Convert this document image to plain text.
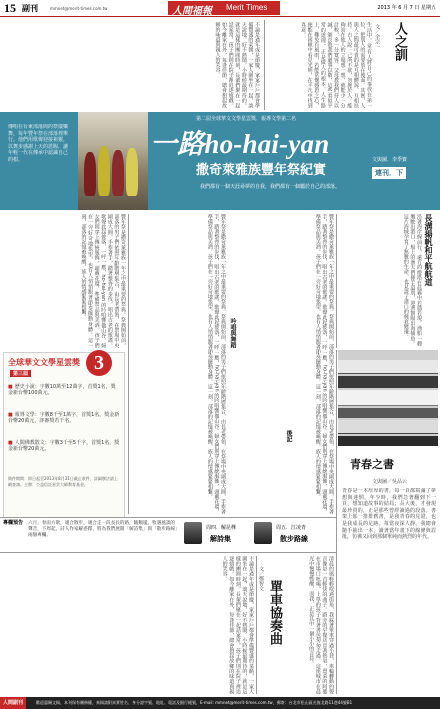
15 副刊	mmnet@merit-times.com.tw	人間福報 Merit Times	2013 年 6 月 7 日 星期五
人之訓
文／余宗一
生活中，常有人將自己的事放在第一位，把別人的需要放在後面。其實，人與人之間最可貴的是互相體諒、互相扶持。古人說：己所不欲，勿施於人。能夠站在他人的立場想一想，就能少一分計較，多一分寬容。父母教我們待人以誠，師長教我們處事以敬，這些看似平常的道理，正是做人的根本。人生路上，難免有風雨，若能常懷感恩之心，便能在困頓中看見光明，在平凡中找到真意。
不論是過年或是節慶，家家戶戶都會準備豐盛的菜餚，一家人圍坐在一起，談天說地，好不熱鬧。小時候最期待的，就是這樣的團圓時刻，長輩們聚在一起話家常，孩子們則在院子裡追逐嬉戲。如今離家在外，每逢佳節，總會想起故鄉的味道與親人的笑容。
傳唱在台東部落間的祭儀樂舞，每年豐年祭在部落裡舉行。他們用歌聲迎接祖靈，以舞步感謝上天的恩賜，讓年輕一代在傳承中認識自己的根。
第二屆全球華文文學星雲獎．報導文學第二名
一路ho-hai-yan
撒奇萊雅族豐年祭紀實
文與圖．李季寶
連刊．下
我們都有一個天涯尋夢的自我，我們都有一個屬於自己的部落。
豐年祭是撒奇萊雅族一年之中最重要的祭典。祭典開始前，部落的男子們依照年齡階層集合，由長老帶領，在祭場中央圍成大圓，手牽著手，踏著整齊的步伐，唱出古老的歌謠。歌聲此起彼落，一呼一應，ho-hai-yan 的吟唱響徹山谷。婦女們則穿上傳統服飾，頭戴花環，準備祭品與美酒。孩子們在一旁好奇地張望，也有人悄悄跟著節奏擺動身體。這一刻，部落的記憶被喚醒，族人的情感緊緊相繫。	吟唱與舞蹈	豐年祭是撒奇萊雅族一年之中最重要的祭典。祭典開始前，部落的男子們依照年齡階層集合，由長老帶領，在祭場中央圍成大圓，手牽著手，踏著整齊的步伐，唱出古老的歌謠。歌聲此起彼落，一呼一應，ho-hai-yan 的吟唱響徹山谷。婦女們則穿上傳統服飾，頭戴花環，準備祭品與美酒。孩子們在一旁好奇地張望，也有人悄悄跟著節奏擺動身體。這一刻，部落的記憶被喚醒，族人的情感緊緊相繫。
後記
豐年祭是撒奇萊雅族一年之中最重要的祭典。祭典開始前，部落的男子們依照年齡階層集合，由長老帶領，在祭場中央圍成大圓，手牽著手，踏著整齊的步伐，唱出古老的歌謠。歌聲此起彼落，一呼一應，ho-hai-yan 的吟唱響徹山谷。婦女們則穿上傳統服飾，頭戴花環，準備祭品與美酒。孩子們在一旁好奇地張望，也有人悄悄跟著節奏擺動身體。這一刻，部落的記憶被喚醒，族人的情感緊緊相繫。	長溝揚帆和平航航道
沿著海岸線前行，遠方的燈塔在晨霧中若隱若現。漁船一艘艘駛出港口，船上的漁夫們揮手道別，迎著朝陽出海捕魚。這片海域孕育了無數的生命，也見證了港口的興衰變遷。
全球華文文學星雲獎 3
第三屆
■ 歷史小說：字數10萬至12萬字，首獎1名，獎金新台幣100萬元。
■ 報導文學：字數8千至1萬字，首獎1名，獎金新台幣20萬元，評審獎若干名。
■ 人間佛教散文：字數3千至5千字，首獎1名，獎金新台幣20萬元。
徵件期間：即日起至2013年8月31日截止收件，詳細辦法請上網查詢。主辦：公益信託星雲大師教育基金。
青春之書
文與圖／吳品云
青春是一本厚厚的書，每一頁都寫滿了夢想與迷惘。年少時，我們急著翻到下一頁，想知道故事的結局；長大後，才發現最珍貴的，正是那些曾經讀過的段落。書架上那一排排舊書，是我青春的見證，也是我成長的足跡。每當夜深人靜，我總會隨手抽出一本，讀著當年畫下的線條與眉批，彷彿又回到那個單純而熱烈的年代。
專欄預告	六月，春雨方歇，適合散步、適合走一段長長的路，隨鵝嵐、牧遇風談的聲音，下周起，詩人作家解惑釋，將為我們展開「解詩集」與「散步路線」兩個專欄。
周四．解昆樺
解詩集
周五．江凌青
散步路線
不論是過年或是節慶，家家戶戶都會準備豐盛的菜餚，一家人圍坐在一起，談天說地，好不熱鬧。小時候最期待的，就是這樣的團圓時刻，長輩們聚在一起話家常，孩子們則在院子裡追逐嬉戲。如今離家在外，每逢佳節，總會想起故鄉的味道與親人的笑容。	文／鄭智文
單車協奏曲	清晨的風輕輕吹過街角，我踩著單車穿過小巷，車輪轉動的聲音像是一首輕快的曲子。路旁的早餐店冒著熱氣，賣菜的阿婆在市場口吆喝，上學的孩子背著書包匆匆走過。這座城市在晨光中慢慢甦醒，而我，正是其中一個小小的音符。
人間副刊	歡迎惠賜文稿，本刊保有刪修權，來稿請附真實姓名、身分證字號、地址、電話及銀行帳號，E-mail: mmnet@merit-times.com.tw，郵寄：台北市松山區光復北路11巷44號B1
